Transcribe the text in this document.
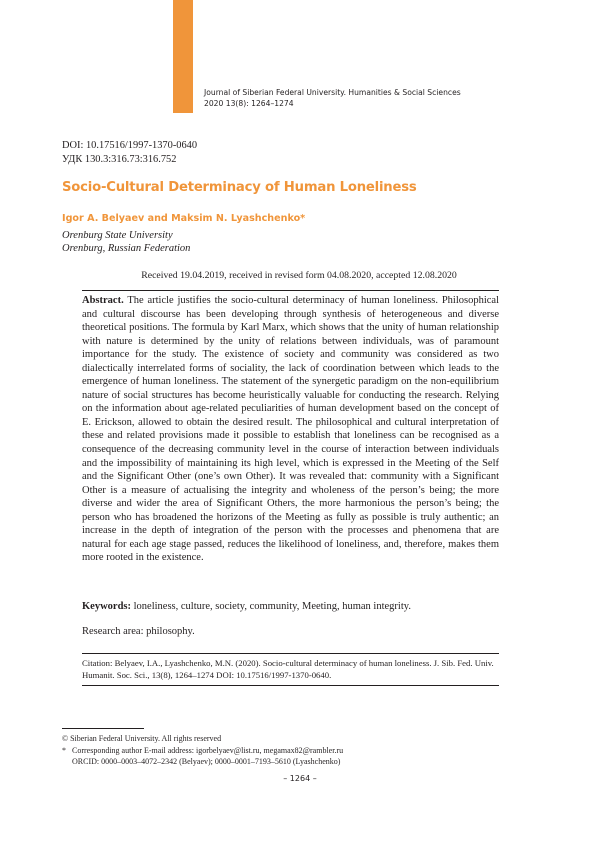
Journal of Siberian Federal University. Humanities & Social Sciences
2020 13(8): 1264–1274
DOI: 10.17516/1997-1370-0640
УДК 130.3:316.73:316.752
Socio-Cultural Determinacy of Human Loneliness
Igor A. Belyaev and Maksim N. Lyashchenko*
Orenburg State University
Orenburg, Russian Federation
Received 19.04.2019, received in revised form 04.08.2020, accepted 12.08.2020
Abstract. The article justifies the socio-cultural determinacy of human loneliness. Philosophical and cultural discourse has been developing through synthesis of heterogeneous and diverse theoretical positions. The formula by Karl Marx, which shows that the unity of human relationship with nature is determined by the unity of relations between individuals, was of paramount importance for the study. The existence of society and community was considered as two dialectically interrelated forms of sociality, the lack of coordination between which leads to the emergence of human loneliness. The statement of the synergetic paradigm on the non-equilibrium nature of social structures has become heuristically valuable for conducting the research. Relying on the information about age-related peculiarities of human development based on the concept of E. Erickson, allowed to obtain the desired result. The philosophical and cultural interpretation of these and related provisions made it possible to establish that loneliness can be recognised as a consequence of the decreasing community level in the course of interaction between individuals and the impossibility of maintaining its high level, which is expressed in the Meeting of the Self and the Significant Other (one’s own Other). It was revealed that: community with a Significant Other is a measure of actualising the integrity and wholeness of the person’s being; the more diverse and wider the area of Significant Others, the more harmonious the person’s being; the person who has broadened the horizons of the Meeting as fully as possible is truly authentic; an increase in the depth of integration of the person with the processes and phenomena that are natural for each age stage passed, reduces the likelihood of loneliness, and, therefore, makes them more rooted in the existence.
Keywords: loneliness, culture, society, community, Meeting, human integrity.
Research area: philosophy.
Citation: Belyaev, I.A., Lyashchenko, M.N. (2020). Socio-cultural determinacy of human loneliness. J. Sib. Fed. Univ. Humanit. Soc. Sci., 13(8), 1264–1274 DOI: 10.17516/1997-1370-0640.
© Siberian Federal University. All rights reserved
* Corresponding author E-mail address: igorbelyaev@list.ru, megamax82@rambler.ru
ORCID: 0000–0003–4072–2342 (Belyaev); 0000–0001–7193–5610 (Lyashchenko)
– 1264 –
